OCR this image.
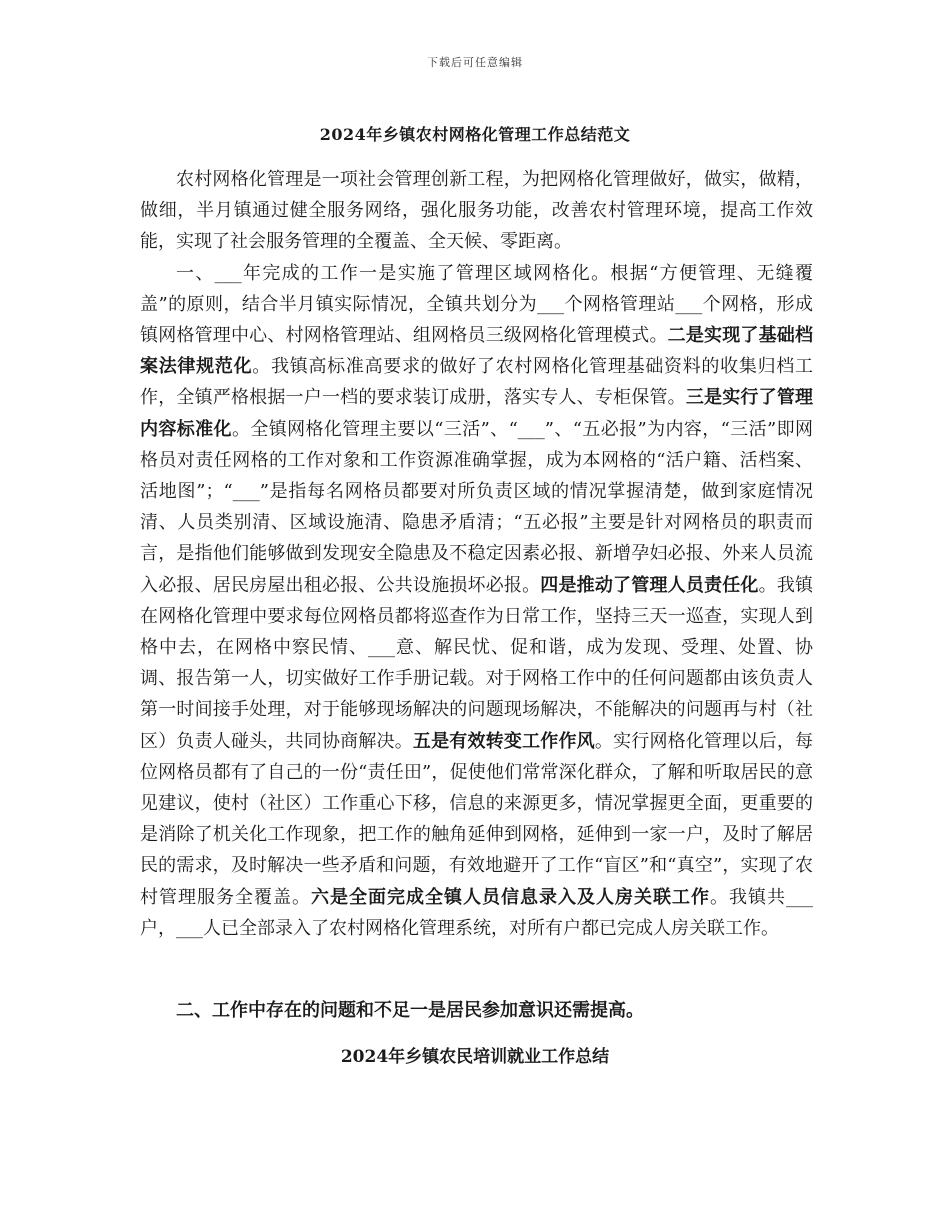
下载后可任意编辑
2024年乡镇农村网格化管理工作总结范文

农村网格化管理是一项社会管理创新工程，为把网格化管理做好，做实，做精，做细，半月镇通过健全服务网络，强化服务功能，改善农村管理环境，提高工作效能，实现了社会服务管理的全覆盖、全天候、零距离。

一、___年完成的工作一是实施了管理区域网格化。根据“方便管理、无缝覆盖”的原则，结合半月镇实际情况，全镇共划分为___个网格管理站___个网格，形成镇网格管理中心、村网格管理站、组网格员三级网格化管理模式。二是实现了基础档案法律规范化。我镇高标准高要求的做好了农村网格化管理基础资料的收集归档工作，全镇严格根据一户一档的要求装订成册，落实专人、专柜保管。三是实行了管理内容标准化。全镇网格化管理主要以“三活”、“___”、“五必报”为内容，“三活”即网格员对责任网格的工作对象和工作资源准确掌握，成为本网格的“活户籍、活档案、活地图”；“___”是指每名网格员都要对所负责区域的情况掌握清楚，做到家庭情况清、人员类别清、区域设施清、隐患矛盾清；“五必报”主要是针对网格员的职责而言，是指他们能够做到发现安全隐患及不稳定因素必报、新增孕妇必报、外来人员流入必报、居民房屋出租必报、公共设施损坏必报。四是推动了管理人员责任化。我镇在网格化管理中要求每位网格员都将巡查作为日常工作，坚持三天一巡查，实现人到格中去，在网格中察民情、___意、解民忧、促和谐，成为发现、受理、处置、协调、报告第一人，切实做好工作手册记载。对于网格工作中的任何问题都由该负责人第一时间接手处理，对于能够现场解决的问题现场解决，不能解决的问题再与村（社区）负责人碰头，共同协商解决。五是有效转变工作作风。实行网格化管理以后，每位网格员都有了自己的一份“责任田”，促使他们常常深化群众，了解和听取居民的意见建议，使村（社区）工作重心下移，信息的来源更多，情况掌握更全面，更重要的是消除了机关化工作现象，把工作的触角延伸到网格，延伸到一家一户，及时了解居民的需求，及时解决一些矛盾和问题，有效地避开了工作“盲区”和“真空”，实现了农村管理服务全覆盖。六是全面完成全镇人员信息录入及人房关联工作。我镇共___户，___人已全部录入了农村网格化管理系统，对所有户都已完成人房关联工作。

二、工作中存在的问题和不足一是居民参加意识还需提高。
2024年乡镇农民培训就业工作总结
